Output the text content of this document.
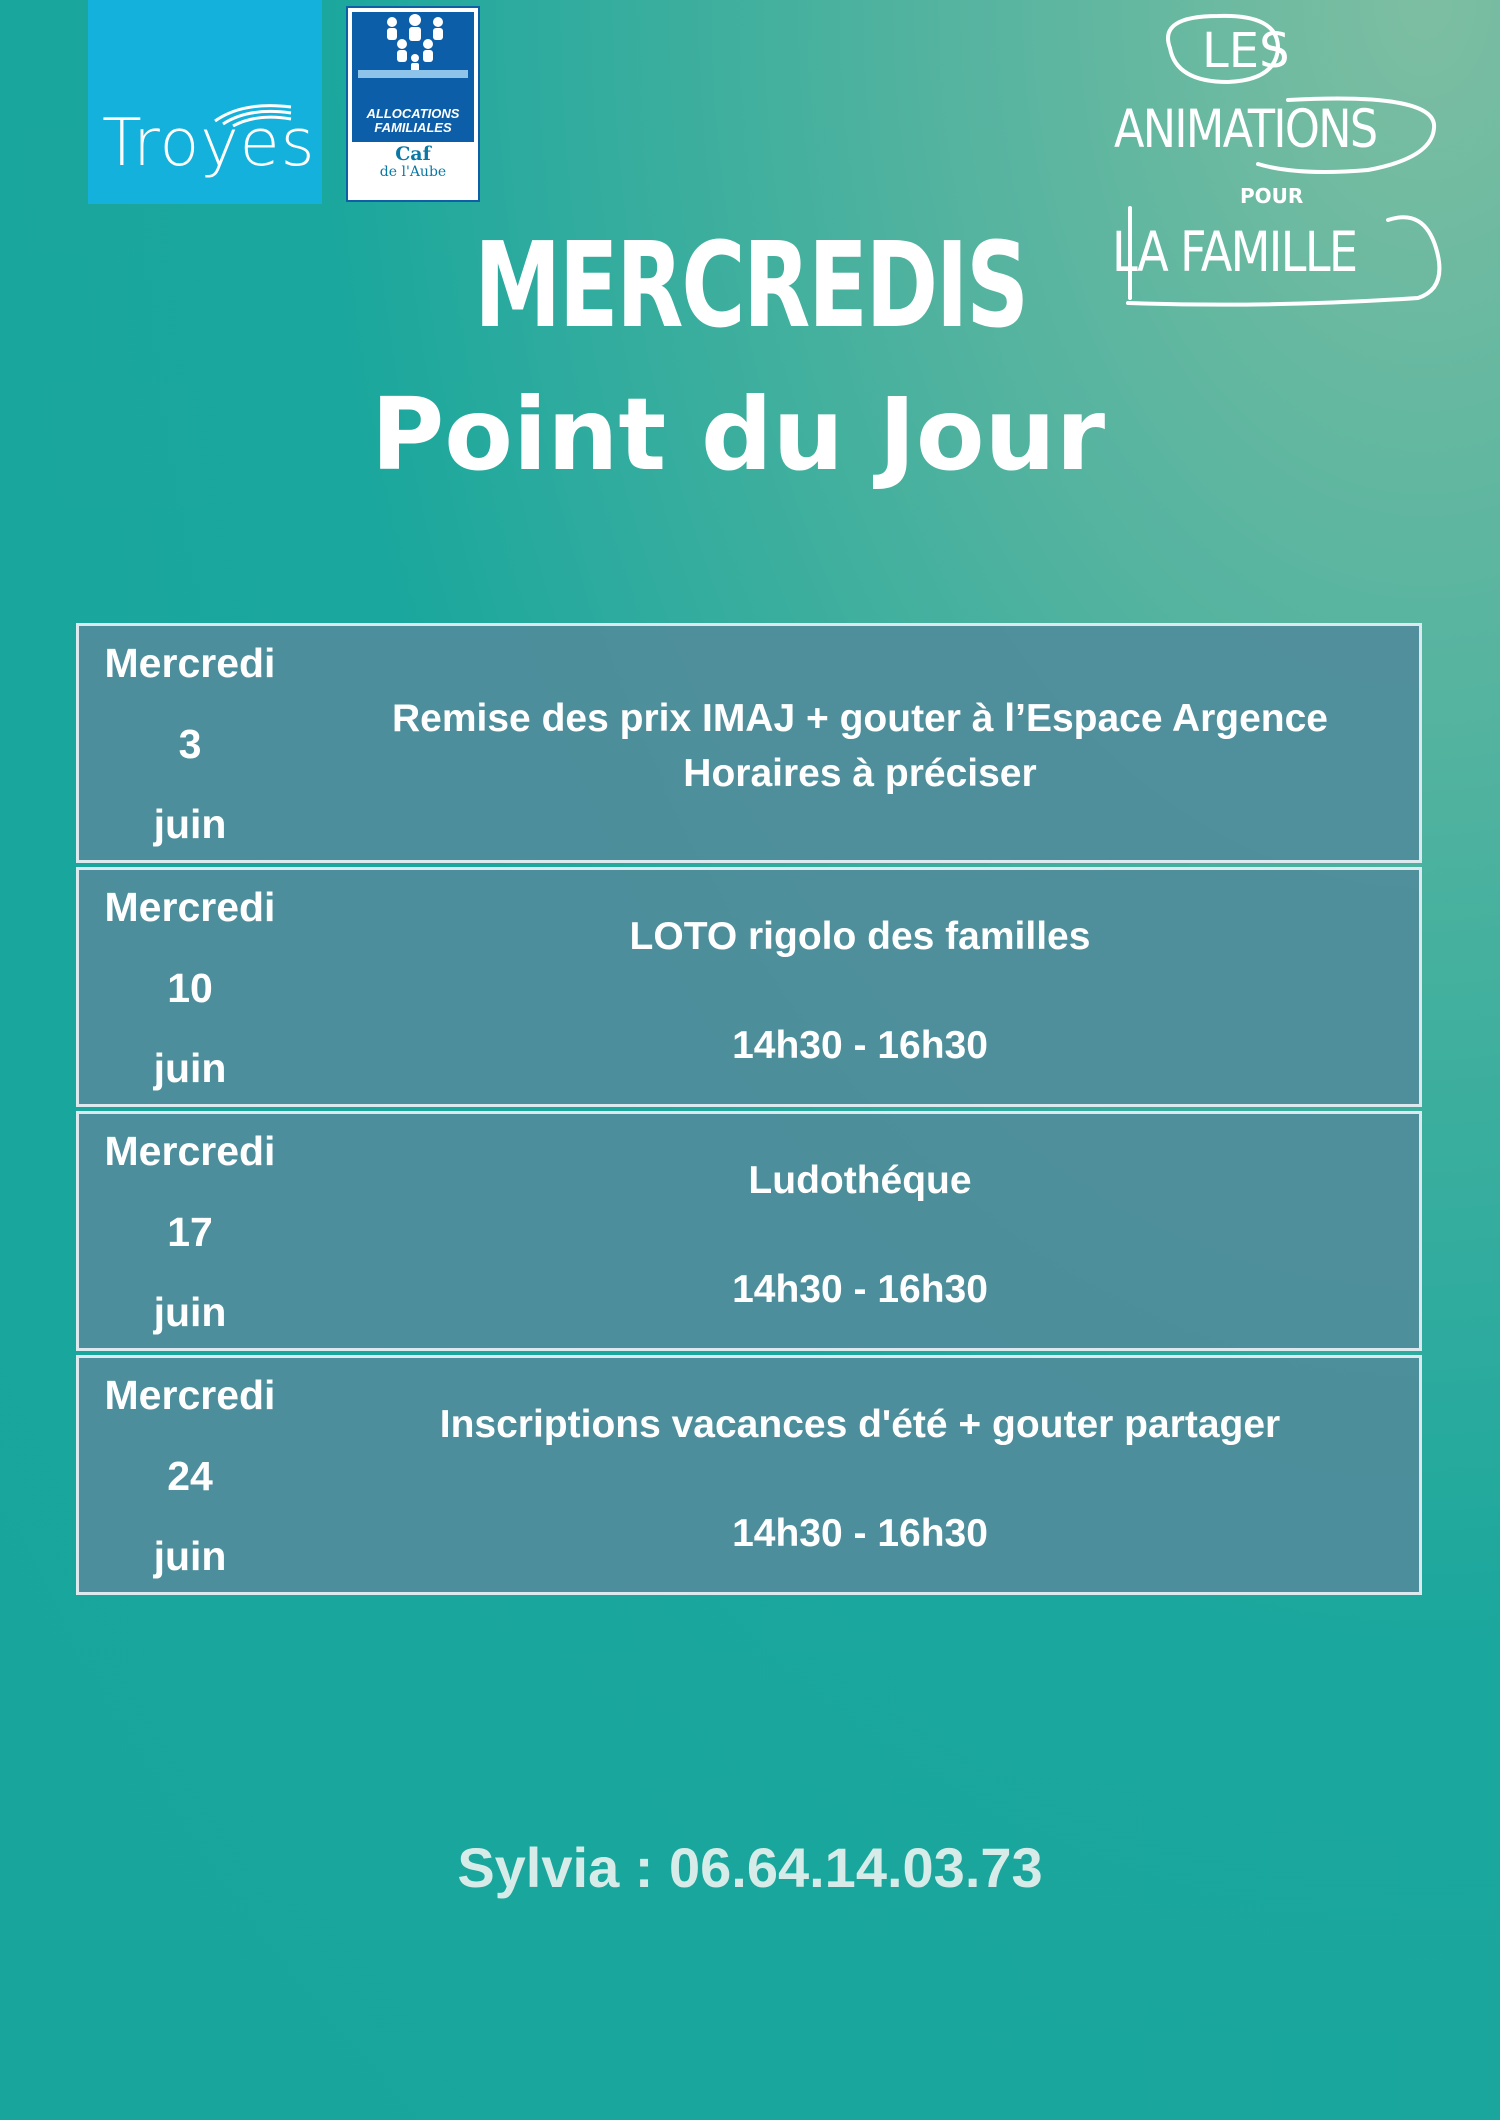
Troyes	ALLOCATIONS
FAMILIALES
Caf
de l'Aube
LES
ANIMATIONS
POUR
LA FAMILLE
MERCREDIS
Point du Jour
Mercredi
3
juin
Remise des prix IMAJ + gouter à l’Espace Argence
Horaires à préciser
Mercredi
10
juin
LOTO rigolo des familles
14h30 - 16h30
Mercredi
17
juin
Ludothéque
14h30 - 16h30
Mercredi
24
juin
Inscriptions vacances d'été + gouter partager
14h30 - 16h30
Sylvia : 06.64.14.03.73
